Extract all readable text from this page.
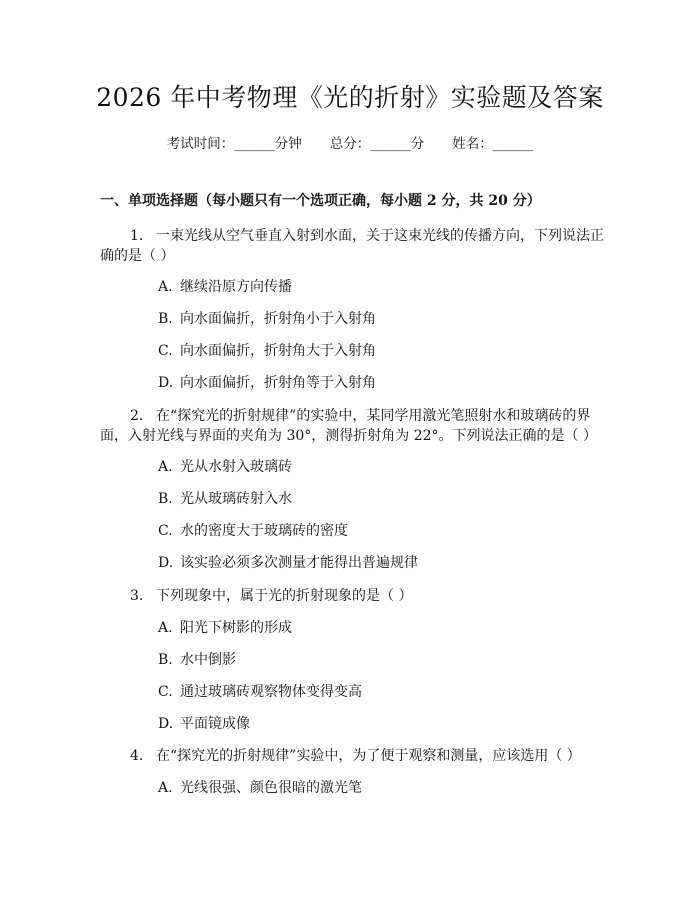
2026 年中考物理《光的折射》实验题及答案
考试时间：______分钟 总分：______分 姓名：______
一、单项选择题（每小题只有一个选项正确，每小题 2 分，共 20 分）
1. 一束光线从空气垂直入射到水面，关于这束光线的传播方向，下列说法正
确的是（ ）
A. 继续沿原方向传播
B. 向水面偏折，折射角小于入射角
C. 向水面偏折，折射角大于入射角
D. 向水面偏折，折射角等于入射角
2. 在“探究光的折射规律”的实验中，某同学用激光笔照射水和玻璃砖的界
面，入射光线与界面的夹角为 30°，测得折射角为 22°。下列说法正确的是（ ）
A. 光从水射入玻璃砖
B. 光从玻璃砖射入水
C. 水的密度大于玻璃砖的密度
D. 该实验必须多次测量才能得出普遍规律
3. 下列现象中，属于光的折射现象的是（ ）
A. 阳光下树影的形成
B. 水中倒影
C. 通过玻璃砖观察物体变得变高
D. 平面镜成像
4. 在“探究光的折射规律”实验中，为了便于观察和测量，应该选用（ ）
A. 光线很强、颜色很暗的激光笔
